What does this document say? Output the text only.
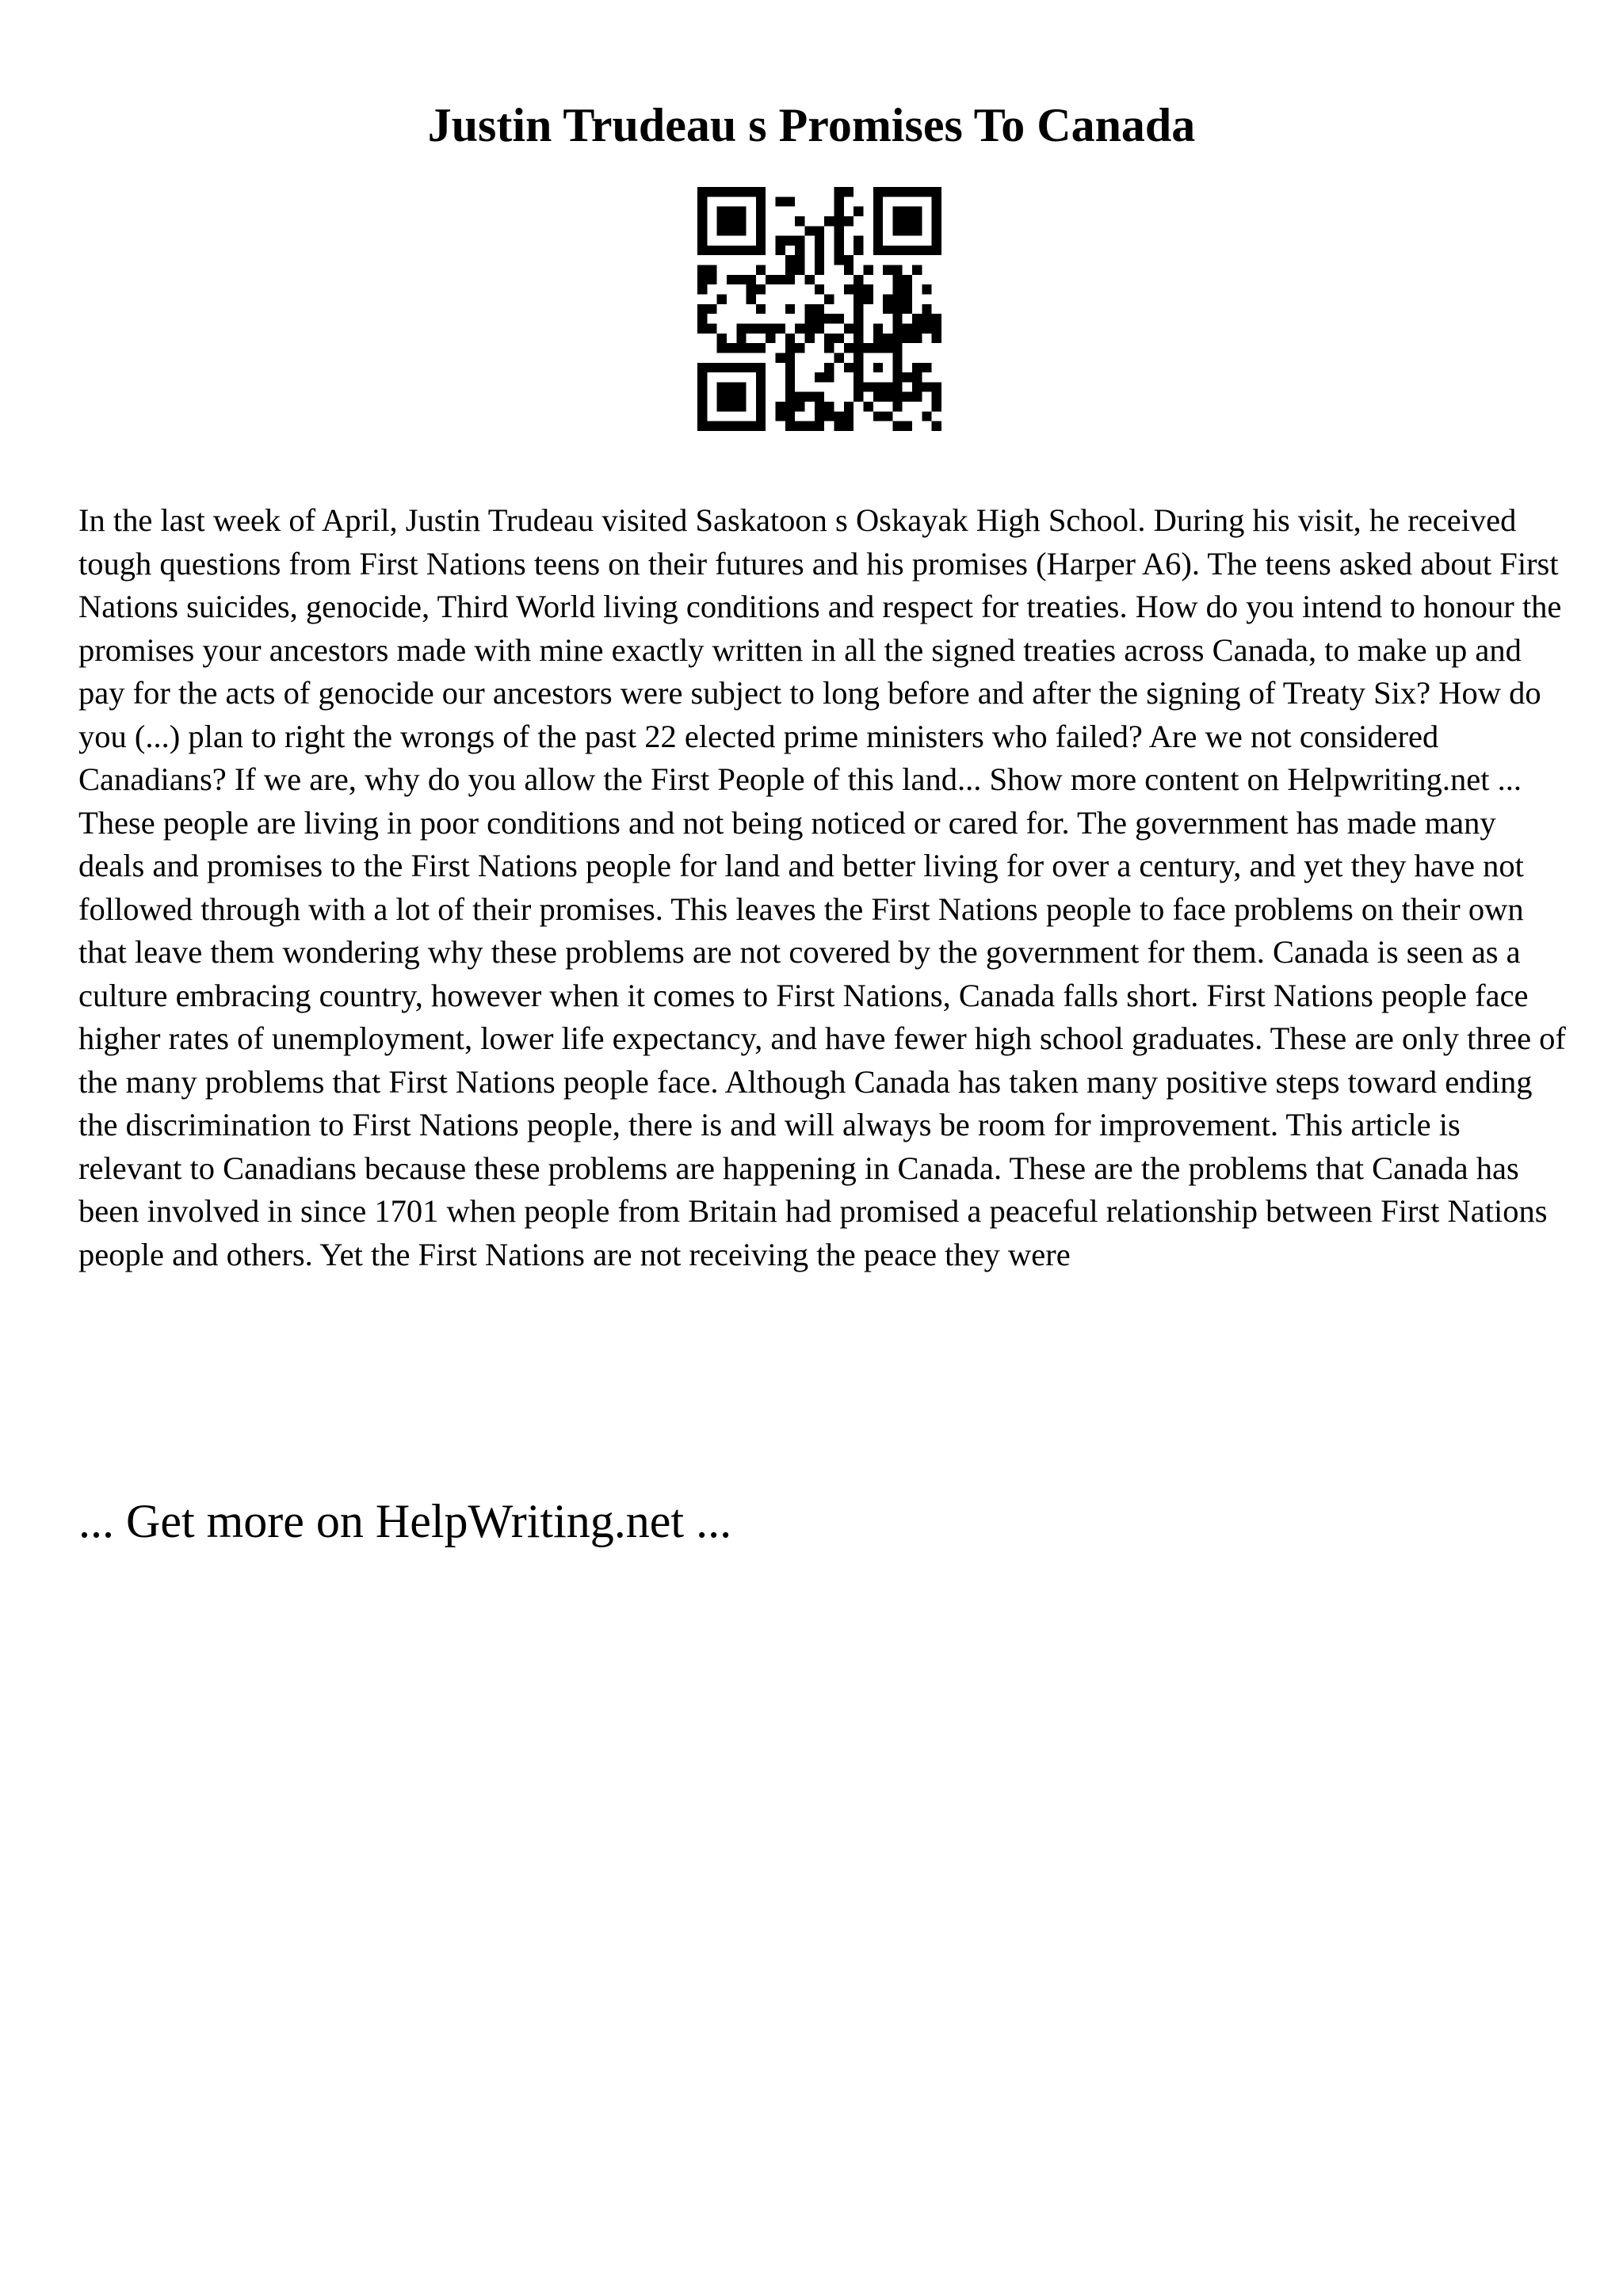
Justin Trudeau s Promises To Canada

In the last week of April, Justin Trudeau visited Saskatoon s Oskayak High School. During his visit, he received tough questions from First Nations teens on their futures and his promises (Harper A6). The teens asked about First Nations suicides, genocide, Third World living conditions and respect for treaties. How do you intend to honour the promises your ancestors made with mine exactly written in all the signed treaties across Canada, to make up and pay for the acts of genocide our ancestors were subject to long before and after the signing of Treaty Six? How do you (...) plan to right the wrongs of the past 22 elected prime ministers who failed? Are we not considered Canadians? If we are, why do you allow the First People of this land... Show more content on Helpwriting.net ...

These people are living in poor conditions and not being noticed or cared for. The government has made many deals and promises to the First Nations people for land and better living for over a century, and yet they have not followed through with a lot of their promises. This leaves the First Nations people to face problems on their own that leave them wondering why these problems are not covered by the government for them. Canada is seen as a culture embracing country, however when it comes to First Nations, Canada falls short. First Nations people face higher rates of unemployment, lower life expectancy, and have fewer high school graduates. These are only three of the many problems that First Nations people face. Although Canada has taken many positive steps toward ending the discrimination to First Nations people, there is and will always be room for improvement. This article is relevant to Canadians because these problems are happening in Canada. These are the problems that Canada has been involved in since 1701 when people from Britain had promised a peaceful relationship between First Nations people and others. Yet the First Nations are not receiving the peace they were

... Get more on HelpWriting.net ...
